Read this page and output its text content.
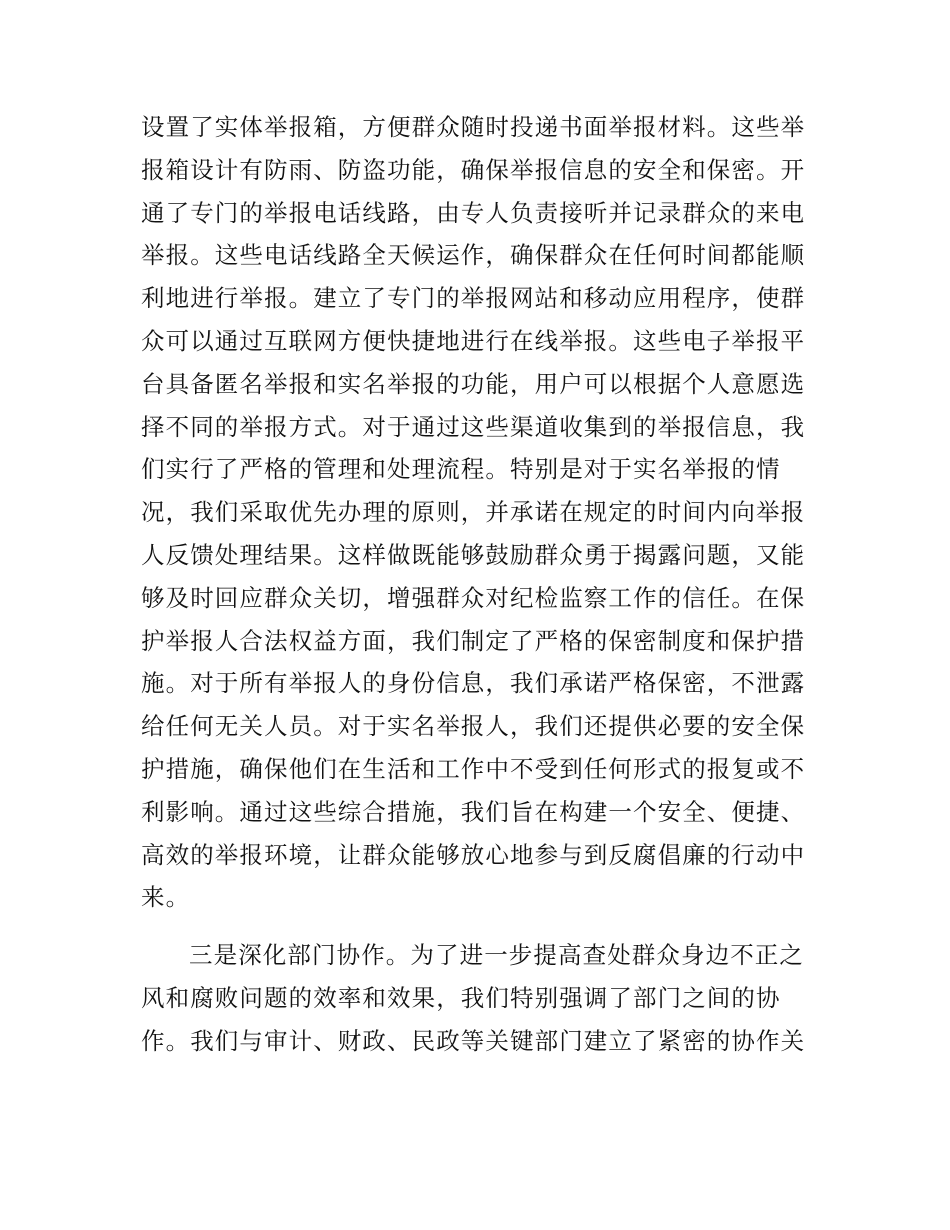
设置了实体举报箱，方便群众随时投递书面举报材料。这些举
报箱设计有防雨、防盗功能，确保举报信息的安全和保密。开
通了专门的举报电话线路，由专人负责接听并记录群众的来电
举报。这些电话线路全天候运作，确保群众在任何时间都能顺
利地进行举报。建立了专门的举报网站和移动应用程序，使群
众可以通过互联网方便快捷地进行在线举报。这些电子举报平
台具备匿名举报和实名举报的功能，用户可以根据个人意愿选
择不同的举报方式。对于通过这些渠道收集到的举报信息，我
们实行了严格的管理和处理流程。特别是对于实名举报的情
况，我们采取优先办理的原则，并承诺在规定的时间内向举报
人反馈处理结果。这样做既能够鼓励群众勇于揭露问题，又能
够及时回应群众关切，增强群众对纪检监察工作的信任。在保
护举报人合法权益方面，我们制定了严格的保密制度和保护措
施。对于所有举报人的身份信息，我们承诺严格保密，不泄露
给任何无关人员。对于实名举报人，我们还提供必要的安全保
护措施，确保他们在生活和工作中不受到任何形式的报复或不
利影响。通过这些综合措施，我们旨在构建一个安全、便捷、
高效的举报环境，让群众能够放心地参与到反腐倡廉的行动中
来。
三是深化部门协作。为了进一步提高查处群众身边不正之
风和腐败问题的效率和效果，我们特别强调了部门之间的协
作。我们与审计、财政、民政等关键部门建立了紧密的协作关
